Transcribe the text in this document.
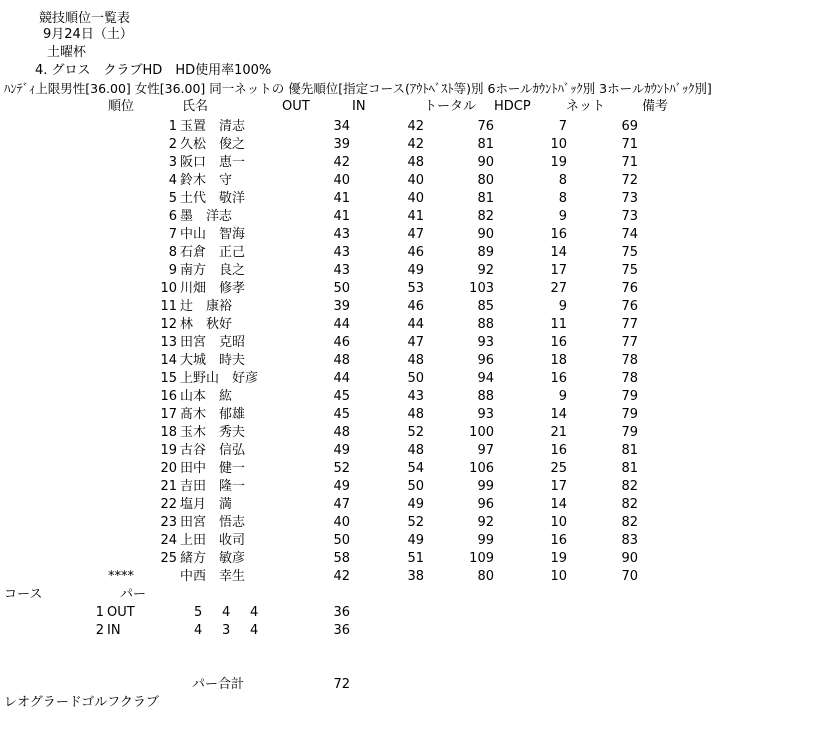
競技順位一覧表
9月24日（土）
土曜杯
4. グロス　クラブHD　HD使用率100%
ﾊﾝﾃﾞｨ上限男性[36.00] 女性[36.00] 同一ネットの 優先順位[指定コース(ｱｳﾄﾍﾞｽﾄ等)別 6ホールｶｳﾝﾄﾊﾞｯｸ別 3ホールｶｳﾝﾄﾊﾞｯｸ別]
順位	氏名	OUT	IN	トータル HDCP	ネット	備考
1 玉置　清志	34	42	76	7	69
2 久松　俊之	39	42	81	10	71
3 阪口　恵一	42	48	90	19	71
4 鈴木　守	40	40	80	8	72
5 土代　敬洋	41	40	81	8	73
6 墨　洋志	41	41	82	9	73
7 中山　智海	43	47	90	16	74
8 石倉　正己	43	46	89	14	75
9 南方　良之	43	49	92	17	75
10 川畑　修孝	50	53	103	27	76
11 辻　康裕	39	46	85	9	76
12 林　秋好	44	44	88	11	77
13 田宮　克昭	46	47	93	16	77
14 大城　時夫	48	48	96	18	78
15 上野山　好彦	44	50	94	16	78
16 山本　紘	45	43	88	9	79
17 髙木　郁雄	45	48	93	14	79
18 玉木　秀夫	48	52	100	21	79
19 古谷　信弘	49	48	97	16	81
20 田中　健一	52	54	106	25	81
21 吉田　隆一	49	50	99	17	82
22 塩月　満	47	49	96	14	82
23 田宮　悟志	40	52	92	10	82
24 上田　收司	50	49	99	16	83
25 緒方　敏彦	58	51	109	19	90
****	中西　幸生	42	38	80	10	70
コース	パー
1 OUT	5 4 4	36
2 IN	4 3 4	36
パー合計	72
レオグラードゴルフクラブ
